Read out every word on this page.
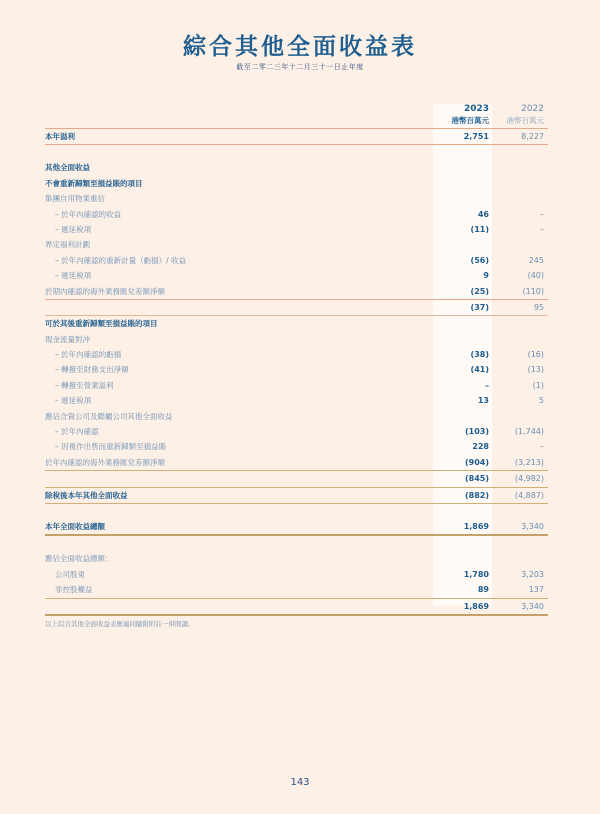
綜合其他全面收益表
截至二零二三年十二月三十一日止年度
2023	2022
港幣百萬元 港幣百萬元
本年溢利	2,751	8,227
其他全面收益
不會重新歸類至損益賬的項目
集團自用物業重估
– 於年內確認的收益	46	–
– 遞延稅項	(11)	–
界定福利計劃
– 於年內確認的重新計量（虧損）/ 收益	(56)	245
– 遞延稅項	9	(40)
於期內確認的海外業務匯兌差額淨額	(25)	(110)
(37)	95
可於其後重新歸類至損益賬的項目
現金流量對沖
– 於年內確認的虧損	(38)	(16)
– 轉撥至財務支出淨額	(41)	(13)
– 轉撥至營業溢利	–	(1)
– 遞延稅項	13	5
應佔合資公司及聯屬公司其他全面收益
– 於年內確認	(103)	(1,744)
– 因視作出售而重新歸類至損益賬	228	–
於年內確認的海外業務匯兌差額淨額	(904)	(3,213)
(845)	(4,982)
除稅後本年其他全面收益	(882)	(4,887)
本年全面收益總額	1,869	3,340
應佔全面收益總額：
公司股東	1,780	3,203
非控股權益	89	137
1,869	3,340
以上綜合其他全面收益表應連同隨附附註一併閱讀。
143
